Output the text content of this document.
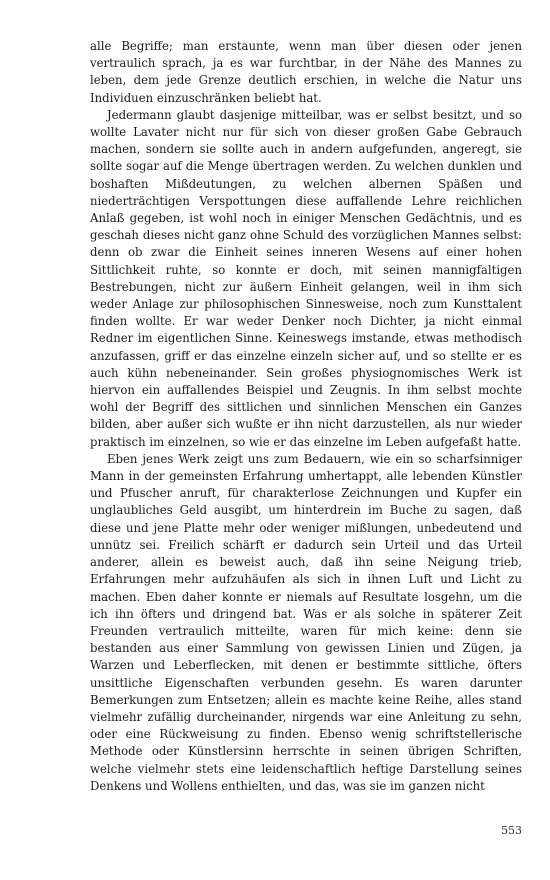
alle Begriffe; man erstaunte, wenn man über diesen oder jenen vertraulich sprach, ja es war furchtbar, in der Nähe des Mannes zu leben, dem jede Grenze deutlich erschien, in welche die Natur uns Individuen einzuschränken beliebt hat.

Jedermann glaubt dasjenige mitteilbar, was er selbst besitzt, und so wollte Lavater nicht nur für sich von dieser großen Gabe Gebrauch machen, sondern sie sollte auch in andern aufgefunden, angeregt, sie sollte sogar auf die Menge übertragen werden. Zu welchen dunklen und boshaften Mißdeutungen, zu welchen albernen Späßen und niederträchtigen Verspottungen diese auffallende Lehre reichlichen Anlaß gegeben, ist wohl noch in einiger Menschen Gedächtnis, und es geschah dieses nicht ganz ohne Schuld des vorzüglichen Mannes selbst: denn ob zwar die Einheit seines inneren Wesens auf einer hohen Sittlichkeit ruhte, so konnte er doch, mit seinen mannigfaltigen Bestrebungen, nicht zur äußern Einheit gelangen, weil in ihm sich weder Anlage zur philosophischen Sinnesweise, noch zum Kunsttalent finden wollte. Er war weder Denker noch Dichter, ja nicht einmal Redner im eigentlichen Sinne. Keineswegs imstande, etwas methodisch anzufassen, griff er das einzelne einzeln sicher auf, und so stellte er es auch kühn nebeneinander. Sein großes physiognomisches Werk ist hiervon ein auffallendes Beispiel und Zeugnis. In ihm selbst mochte wohl der Begriff des sittlichen und sinnlichen Menschen ein Ganzes bilden, aber außer sich wußte er ihn nicht darzustellen, als nur wieder praktisch im einzelnen, so wie er das einzelne im Leben aufgefaßt hatte.

Eben jenes Werk zeigt uns zum Bedauern, wie ein so scharfsinniger Mann in der gemeinsten Erfahrung umhertappt, alle lebenden Künstler und Pfuscher anruft, für charakterlose Zeichnungen und Kupfer ein unglaubliches Geld ausgibt, um hinterdrein im Buche zu sagen, daß diese und jene Platte mehr oder weniger mißlungen, unbedeutend und unnütz sei. Freilich schärft er dadurch sein Urteil und das Urteil anderer, allein es beweist auch, daß ihn seine Neigung trieb, Erfahrungen mehr aufzuhäufen als sich in ihnen Luft und Licht zu machen. Eben daher konnte er niemals auf Resultate losgehn, um die ich ihn öfters und dringend bat. Was er als solche in späterer Zeit Freunden vertraulich mitteilte, waren für mich keine: denn sie bestanden aus einer Sammlung von gewissen Linien und Zügen, ja Warzen und Leberflecken, mit denen er bestimmte sittliche, öfters unsittliche Eigenschaften verbunden gesehn. Es waren darunter Bemerkungen zum Entsetzen; allein es machte keine Reihe, alles stand vielmehr zufällig durcheinander, nirgends war eine Anleitung zu sehn, oder eine Rückweisung zu finden. Ebenso wenig schriftstellerische Methode oder Künstlersinn herrschte in seinen übrigen Schriften, welche vielmehr stets eine leidenschaftlich heftige Darstellung seines Denkens und Wollens enthielten, und das, was sie im ganzen nicht

553
